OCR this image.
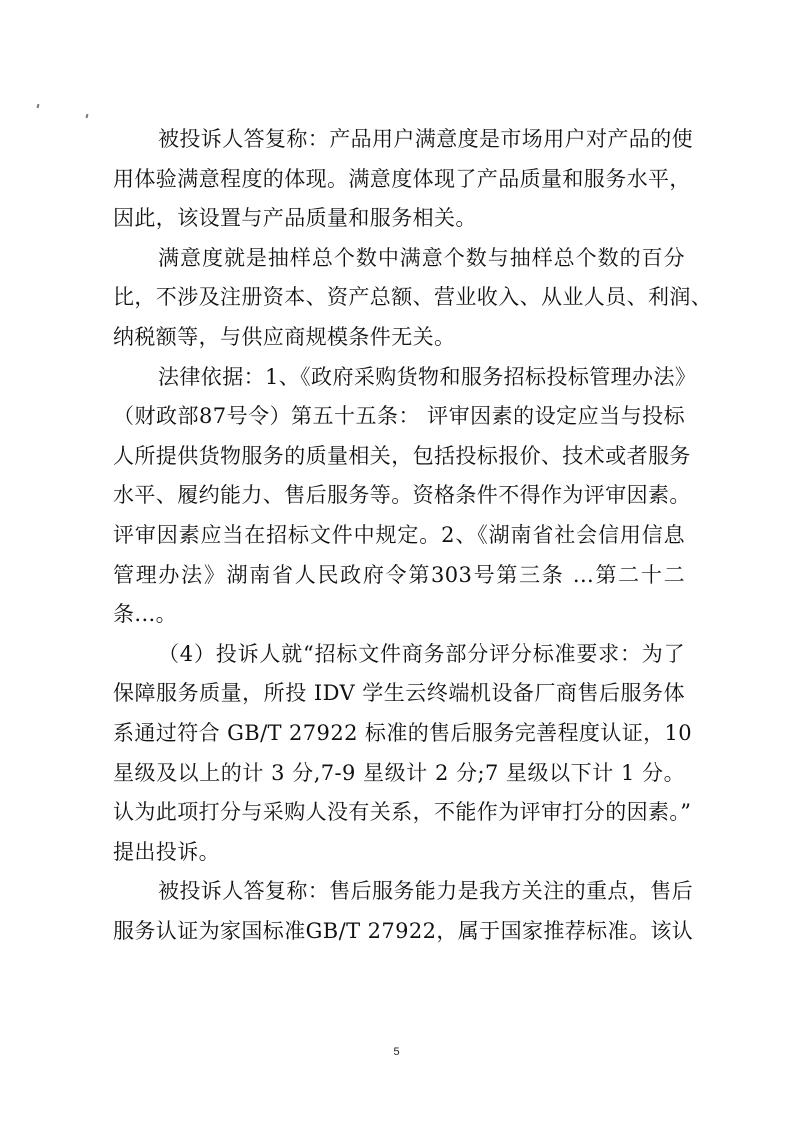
被投诉人答复称：产品用户满意度是市场用户对产品的使
用体验满意程度的体现。满意度体现了产品质量和服务水平，
因此，该设置与产品质量和服务相关。
满意度就是抽样总个数中满意个数与抽样总个数的百分
比，不涉及注册资本、资产总额、营业收入、从业人员、利润、
纳税额等，与供应商规模条件无关。
法律依据：1、《政府采购货物和服务招标投标管理办法》
（财政部87号令）第五十五条： 评审因素的设定应当与投标
人所提供货物服务的质量相关，包括投标报价、技术或者服务
水平、履约能力、售后服务等。资格条件不得作为评审因素。
评审因素应当在招标文件中规定。2、《湖南省社会信用信息
管理办法》湖南省人民政府令第303号第三条 ...第二十二
条...。
（4）投诉人就“招标文件商务部分评分标准要求：为了
保障服务质量，所投 IDV 学生云终端机设备厂商售后服务体
系通过符合 GB/T 27922 标准的售后服务完善程度认证，10
星级及以上的计 3 分,7-9 星级计 2 分;7 星级以下计 1 分。
认为此项打分与采购人没有关系，不能作为评审打分的因素。”
提出投诉。
被投诉人答复称：售后服务能力是我方关注的重点，售后
服务认证为家国标准GB/T 27922，属于国家推荐标准。该认
5
